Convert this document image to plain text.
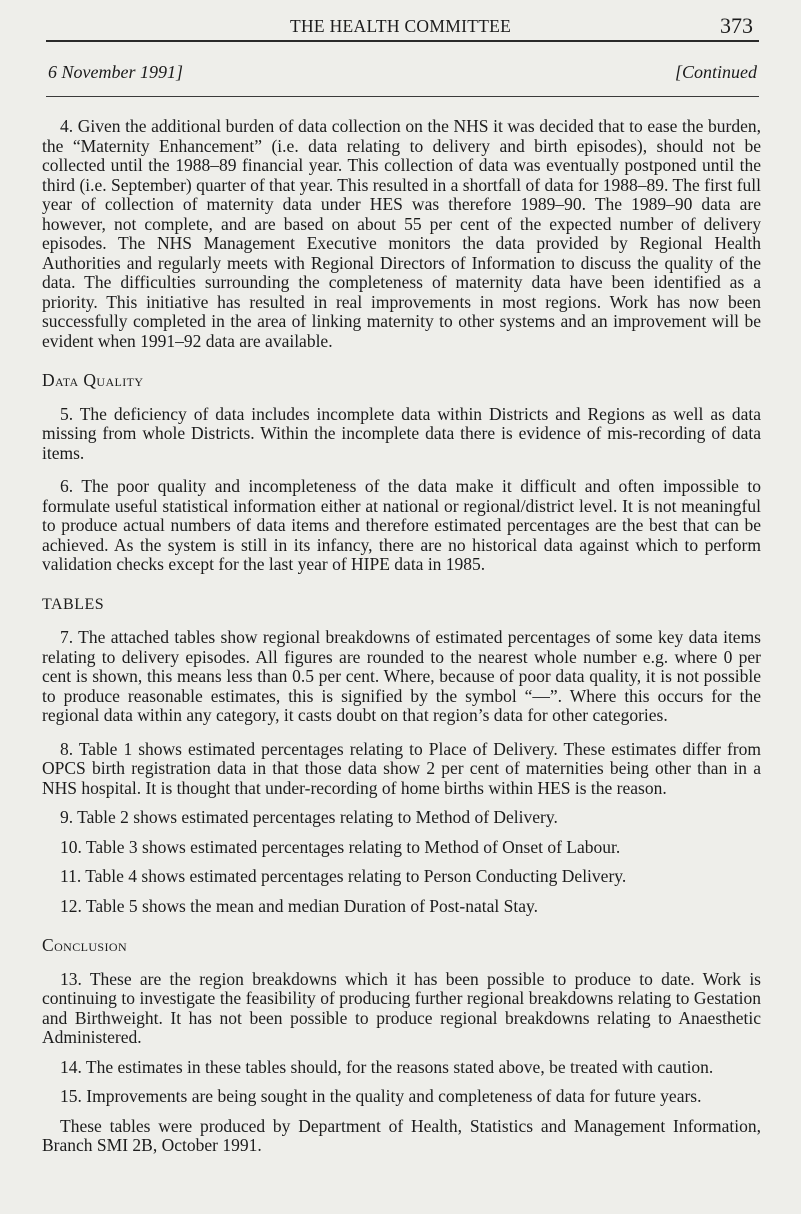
THE HEALTH COMMITTEE	373
6 November 1991]	[Continued

4. Given the additional burden of data collection on the NHS it was decided that to ease the burden, the “Maternity Enhancement” (i.e. data relating to delivery and birth episodes), should not be collected until the 1988–89 financial year. This collection of data was eventually postponed until the third (i.e. September) quarter of that year. This resulted in a shortfall of data for 1988–89. The first full year of collection of maternity data under HES was therefore 1989–90. The 1989–90 data are however, not complete, and are based on about 55 per cent of the expected number of delivery episodes. The NHS Management Executive monitors the data provided by Regional Health Authorities and regularly meets with Regional Directors of Information to discuss the quality of the data. The difficulties surrounding the completeness of maternity data have been identified as a priority. This initiative has resulted in real improvements in most regions. Work has now been successfully completed in the area of linking maternity to other systems and an improvement will be evident when 1991–92 data are available.

Data Quality

5. The deficiency of data includes incomplete data within Districts and Regions as well as data missing from whole Districts. Within the incomplete data there is evidence of mis-recording of data items.

6. The poor quality and incompleteness of the data make it difficult and often impossible to formulate useful statistical information either at national or regional/district level. It is not meaningful to produce actual numbers of data items and therefore estimated percentages are the best that can be achieved. As the system is still in its infancy, there are no historical data against which to perform validation checks except for the last year of HIPE data in 1985.

TABLES

7. The attached tables show regional breakdowns of estimated percentages of some key data items relating to delivery episodes. All figures are rounded to the nearest whole number e.g. where 0 per cent is shown, this means less than 0.5 per cent. Where, because of poor data quality, it is not possible to produce reasonable estimates, this is signified by the symbol “—”. Where this occurs for the regional data within any category, it casts doubt on that region’s data for other categories.

8. Table 1 shows estimated percentages relating to Place of Delivery. These estimates differ from OPCS birth registration data in that those data show 2 per cent of maternities being other than in a NHS hospital. It is thought that under-recording of home births within HES is the reason.

9. Table 2 shows estimated percentages relating to Method of Delivery.

10. Table 3 shows estimated percentages relating to Method of Onset of Labour.

11. Table 4 shows estimated percentages relating to Person Conducting Delivery.

12. Table 5 shows the mean and median Duration of Post-natal Stay.

Conclusion

13. These are the region breakdowns which it has been possible to produce to date. Work is continuing to investigate the feasibility of producing further regional breakdowns relating to Gestation and Birthweight. It has not been possible to produce regional breakdowns relating to Anaesthetic Administered.

14. The estimates in these tables should, for the reasons stated above, be treated with caution.

15. Improvements are being sought in the quality and completeness of data for future years.

These tables were produced by Department of Health, Statistics and Management Information, Branch SMI 2B, October 1991.
